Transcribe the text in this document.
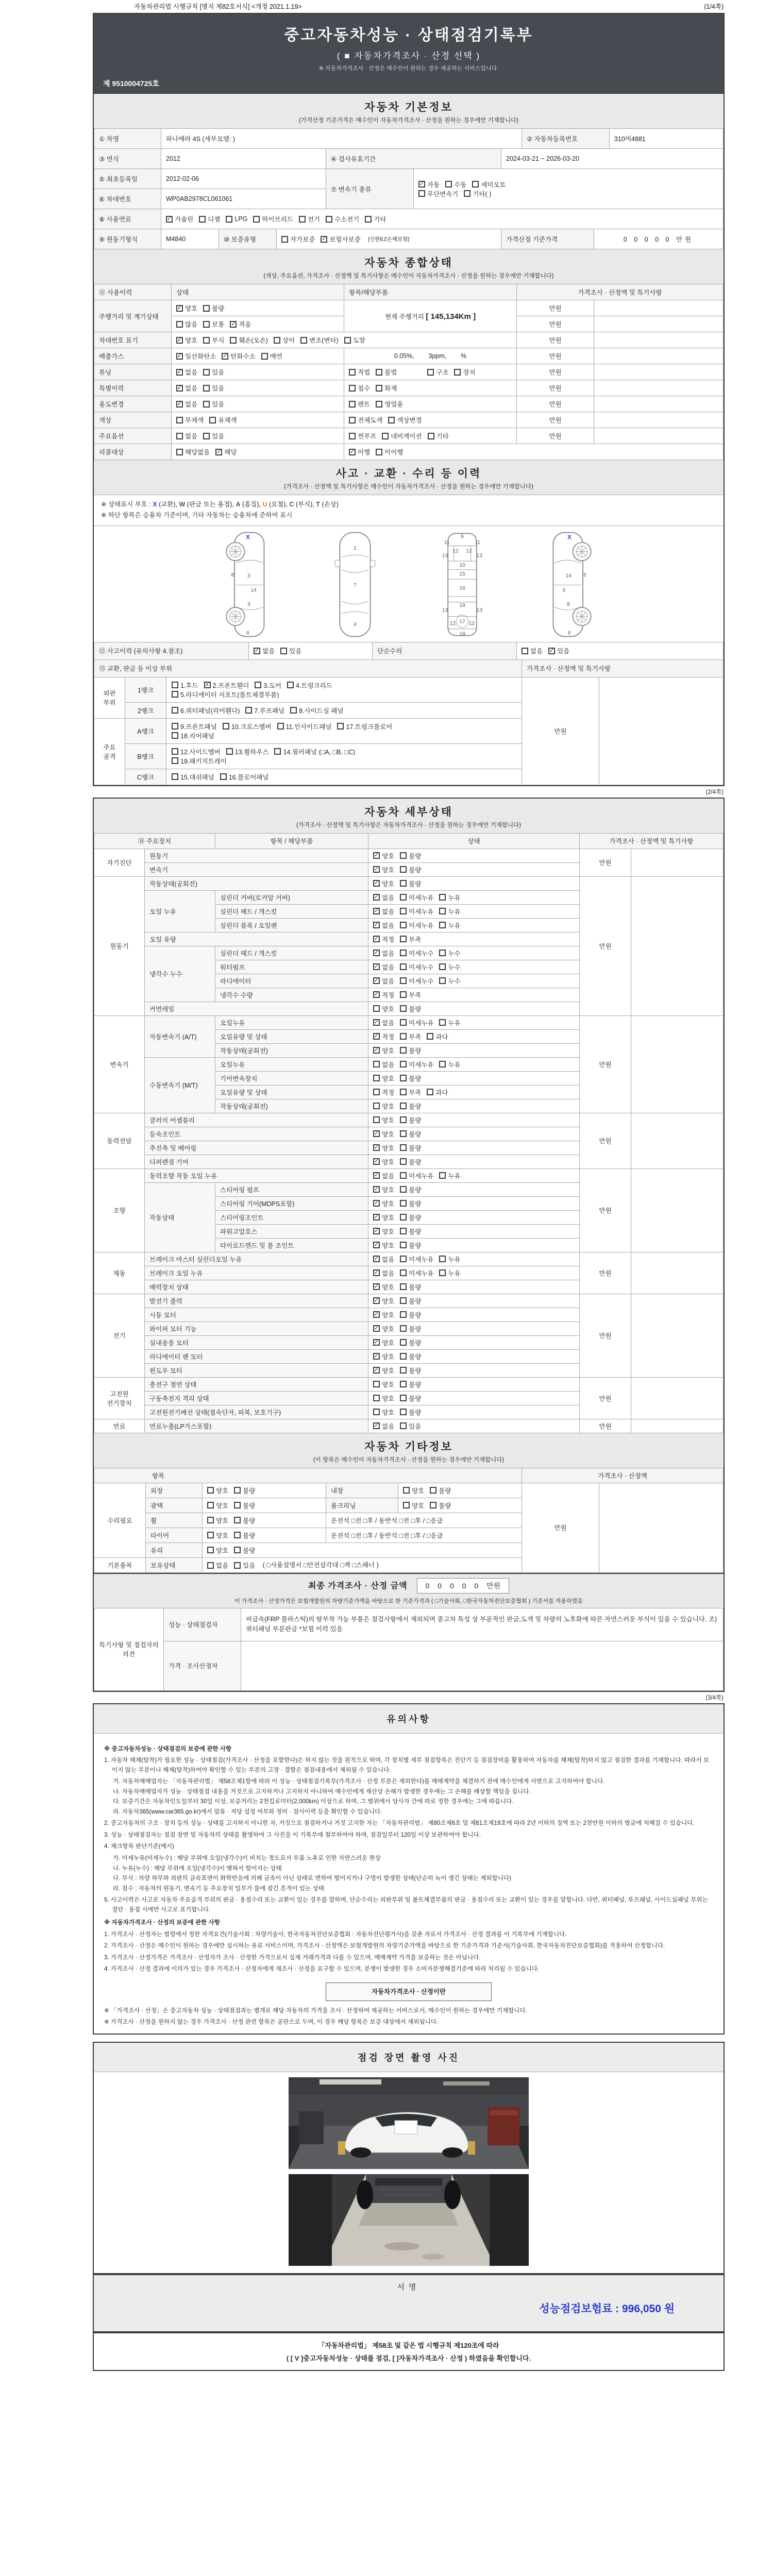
자동차관리법 시행규칙 [별지 제82호서식] <개정 2021.1.19>	(1/4쪽)
중고자동차성능 · 상태점검기록부
( ■ 자동차가격조사 · 산정 선택 )
※ 자동차가격조사 · 산정은 매수인이 원하는 경우 제공하는 서비스입니다.
제 9510004725호
자동차 기본정보
(가격산정 기준가격은 매수인이 자동차가격조사 · 산정을 원하는 경우에만 기재합니다)
① 차명	파나메라 4S (세부모델: )	② 자동차등록번호	310머4881
③ 연식	2012	④ 검사유효기간	2024-03-21 ~ 2026-03-20
⑤ 최초등록일	2012-02-06	⑦ 변속기 종류	
✓ 자동 수동 세미오토

무단변속기 기타( )

⑥ 차대번호	WP0AB2978CL061061		
⑧ 사용연료	✓ 가솔린 디젤 LPG 하이브리드 전기 수소전기 기타
⑨ 원동기형식	M4840	⑩ 보증유형	자가보증 ✓ 보험사보증 [신한EZ손해보험]	가격산정 기준가격	0 0 0 0 0 만원
자동차 종합상태
(색상, 주요옵션, 가격조사 · 산정액 및 특기사항은 매수인이 자동차가격조사 · 산정을 원하는 경우에만 기재합니다)
⑪ 사용이력	상태	항목/해당부품	가격조사 · 산정액 및 특기사항	
주행거리 및 계기상태	✓ 양호 불량	현재 주행거리 [ 145,134Km ]	만원	

	많음 보통 ✓ 적음		만원	
차대번호 표기	✓ 양호 부식 훼손(오손) 상이 변조(변타) 도말	만원	
배출가스	✓ 일산화탄소 ✓ 탄화수소 매연	0.05%,        3ppm,        %	만원	
튜닝	✓ 없음 있음	적법 불법 구조 장치	만원	
특별이력	✓ 없음 있음	침수 화재	만원	
용도변경	✓ 없음 있음	렌트 영업용	만원	
색상	무채색 유채색	전체도색 색상변경	만원	
주요옵션	없음 있음	썬루프 네비게이션 기타	만원	
리콜대상	해당없음 ✓ 해당	✓ 이행 미이행		
사고 · 교환 · 수리 등 이력
(가격조사 · 산정액 및 특기사항은 매수인이 자동차가격조사 · 산정을 원하는 경우에만 기재합니다)
※ 상태표시 부호 : X (교환), W (판금 또는 용접), A (흠집), U (요철), C (부식), T (손상)
※ 하단 항목은 승용차 기준이며, 기타 자동차는 승용차에 준하여 표시
X
8 3
14
3
6
1
7
4
9
11	11
13
12 12
13
10
15
16
19
13	13
12 12
17
18
X
3
14
3
8
6
⑫ 사고이력 (유의사항 4.참조)	✓ 없음 있음	단순수리	없음 ✓ 있음
⑬ 교환, 판금 등 이상 부위	가격조사 · 산정액 및 특기사항
외판 부위	1랭크	
1.후드	✗ 2.프론트휀더 3.도어 4.트렁크리드

5.라디에이터 서포트(볼트체결부품)
	만원	
	2랭크	6.쿼터패널(리어휀다) 7.루프패널 8.사이드실 패널		

주요 골격	A랭크	9.프론트패널 10.크로스멤버 11.인사이드패널 17.트렁크플로어

18.리어패널		

	B랭크	12.사이드멤버 13.휠하우스 14.필러패널 (□A, □B, □C)

19.패키지트레이		

	C랭크	15.대쉬패널 16.플로어패널		
(2/4쪽)
자동차 세부상태
(가격조사 · 산정액 및 특기사항은 자동차가격조사 · 산정을 원하는 경우에만 기재합니다)
⑭ 주요장치		항목 / 해당부품	상태	가격조사 · 산정액 및 특기사항	
자기진단	원동기		✓ 양호 불량	만원	
	변속기		✓ 양호 불량		

원동기	작동상태(공회전)		✓ 양호 불량	만원	
	오일 누유	실린더 커버(로커암 커버)	✓ 없음 미세누유 누유		

		실린더 헤드 / 개스킷	✓ 없음 미세누유 누유		

		실린더 블록 / 오일팬	✓ 없음 미세누유 누유		

	오일 유량		✓ 적정 부족		

	냉각수 누수	실린더 헤드 / 개스킷	✓ 없음 미세누수 누수		

		워터펌프	✓ 없음 미세누수 누수		

		라디에이터	✓ 없음 미세누수 누수		

		냉각수 수량	✓ 적정 부족		

	커먼레일		양호 불량		

변속기	자동변속기 (A/T)	오일누유	✓ 없음 미세누유 누유	만원	
		오일유량 및 상태	✓ 적정 부족 과다		

		작동상태(공회전)	✓ 양호 불량		

	수동변속기 (M/T)	오일누유	없음 미세누유 누유		

		기어변속장치	양호 불량		

		오일유량 및 상태	적정 부족 과다		

		작동상태(공회전)	양호 불량		

동력전달	클러치 어셈블리		양호 불량	만원	
	등속조인트		✓ 양호 불량		

	추진축 및 베어링		✓ 양호 불량		

	디퍼렌셜 기어		✓ 양호 불량		

조향	동력조향 작동 오일 누유		✓ 없음 미세누유 누유	만원	
	작동상태	스티어링 펌프	✓ 양호 불량		

		스티어링 기어(MDPS포함)	✓ 양호 불량		

		스티어링조인트	✓ 양호 불량		

		파워고압호스	✓ 양호 불량		

		타이로드엔드 및 볼 조인트	✓ 양호 불량		

제동	브레이크 마스터 실린더오일 누유		✓ 없음 미세누유 누유	만원	
	브레이크 오일 누유		✓ 없음 미세누유 누유		

	배력장치 상태		✓ 양호 불량		

전기	발전기 출력		✓ 양호 불량	만원	
	시동 모터		✓ 양호 불량		

	와이퍼 모터 기능		✓ 양호 불량		

	실내송풍 모터		✓ 양호 불량		

	라디에이터 팬 모터		✓ 양호 불량		

	윈도우 모터		✓ 양호 불량		

고전원 전기장치	충전구 절연 상태		양호 불량	만원	
	구동축전지 격리 상태		양호 불량		

	고전원전기배선 상태(접속단자, 피복, 보호기구)		양호 불량		

연료	연료누출(LP가스포함)		✓ 없음 있음	만원	
자동차 기타정보
(이 항목은 매수인이 자동차가격조사 · 산정을 원하는 경우에만 기재합니다)
항목					가격조사 · 산정액	
수리필요	외장	양호 불량	내장	양호 불량	만원	
	광택	양호 불량	룸크리닝	양호 불량		

	휠	양호 불량	운전석 □전 □후 / 동반석 □전 □후 / □응급			
	타이어	양호 불량	운전석 □전 □후 / 동반석 □전 □후 / □응급			
	유리	양호 불량				

기본품목	보유상태	없음 있음 ( □사용설명서 □안전삼각대 □잭 □스패너 )				
최종 가격조사 · 산정 금액	0 0 0 0 0 만원
이 가격조사 · 산정가격은 보험개발원의 차량기준가액을 바탕으로 한 기준가격과 ( □기술사회, □한국자동차진단보증협회 ) 기준서를 적용하였음
특기사항 및 점검자의 의견	성능 · 상태점검자	비금속(FRP 플라스틱)의 탈부착 가능 부품은 점검사항에서 제외되며 중고차 특성 상 부분적인 판금,도색 및 차량의 노후화에 따른 자연스러운 부식이 있을 수 있습니다. 조) 쿼터패널 부분판금 *보험 이력 있음
	가격 · 조사산정자	
(3/4쪽)
유의사항
※ 중고자동차성능 · 상태점검의 보증에 관한 사항
1. 자동차 해체(탈착)가 필요한 성능 · 상태점검(가격조사 · 산정을 포함한다)은 하지 않는 것을 원칙으로 하며, 각 장치별 세부 점검항목은 진단기 등 점검장비를 활용하여 자동차를 해체(탈착)하지 않고 점검한 결과를 기재합니다. 따라서 보이지 않는 부분이나 해체(탈착)하여야 확인할 수 있는 부분의 고장 · 결함은 점검내용에서 제외될 수 있습니다.
가. 자동차매매업자는 「자동차관리법」 제58조제1항에 따라 이 성능 · 상태점검기록부(가격조사 · 산정 부분은 제외한다)를 매매계약을 체결하기 전에 매수인에게 서면으로 고지하여야 합니다.
나. 자동차매매업자가 성능 · 상태점검 내용을 거짓으로 고지하거나 고지하지 아니하여 매수인에게 재산상 손해가 발생한 경우에는 그 손해를 배상할 책임을 집니다.
다. 보증기간은 자동차인도일부터 30일 이상, 보증거리는 2천킬로미터(2,000km) 이상으로 하며, 그 범위에서 당사자 간에 따로 정한 경우에는 그에 따릅니다.
라. 자동차365(www.car365.go.kr)에서 압류 · 저당 설정 여부와 정비 · 검사이력 등을 확인할 수 있습니다.
2. 중고자동차의 구조 · 장치 등의 성능 · 상태를 고지하지 아니한 자, 거짓으로 점검하거나 거짓 고지한 자는 「자동차관리법」 제80조제6호 및 제81조제19호에 따라 2년 이하의 징역 또는 2천만원 이하의 벌금에 처해질 수 있습니다.
3. 성능 · 상태점검자는 점검 장면 및 자동차의 상태를 촬영하여 그 사진을 이 기록부에 첨부하여야 하며, 점검일부터 120일 이상 보관하여야 합니다.
4. 체크항목 판단기준(예시)
가. 미세누유(미세누수) : 해당 부위에 오일(냉각수)이 비치는 정도로서 부품 노후로 인한 자연스러운 현상
나. 누유(누수) : 해당 부위에 오일(냉각수)이 맺혀서 떨어지는 상태
다. 부식 : 차량 하부와 외판의 금속표면이 화학반응에 의해 금속이 아닌 상태로 변하여 떨어지거나 구멍이 발생한 상태(단순히 녹이 생긴 상태는 제외합니다)
라. 침수 : 자동차의 원동기, 변속기 등 주요장치 일부가 물에 잠긴 흔적이 있는 상태
5. 사고이력은 사고로 자동차 주요골격 부위의 판금 · 용접수리 또는 교환이 있는 경우를 말하며, 단순수리는 외판부위 및 볼트체결부품의 판금 · 용접수리 또는 교환이 있는 경우를 말합니다. 다만, 쿼터패널, 루프패널, 사이드실패널 부위는 절단 · 용접 시에만 사고로 표기합니다.
※ 자동차가격조사 · 산정의 보증에 관한 사항
1. 가격조사 · 산정자는 법령에서 정한 자격요건(기술사회 : 차량기술사, 한국자동차진단보증협회 : 자동차진단평가사)을 갖춘 자로서 가격조사 · 산정 결과를 이 기록부에 기재합니다.
2. 가격조사 · 산정은 매수인이 원하는 경우에만 실시하는 유료 서비스이며, 가격조사 · 산정액은 보험개발원의 차량기준가액을 바탕으로 한 기준가격과 기준서(기술사회, 한국자동차진단보증협회)를 적용하여 산정합니다.
3. 가격조사 · 산정가격은 가격조사 · 산정자가 조사 · 산정한 가격으로서 실제 거래가격과 다를 수 있으며, 매매계약 가격을 보증하는 것은 아닙니다.
4. 가격조사 · 산정 결과에 이의가 있는 경우 가격조사 · 산정자에게 재조사 · 산정을 요구할 수 있으며, 분쟁이 발생한 경우 소비자분쟁해결기준에 따라 처리될 수 있습니다.
자동차가격조사 · 산정이란
※ 「가격조사 · 산정」은 중고자동차 성능 · 상태점검과는 별개로 해당 자동차의 가격을 조사 · 산정하여 제공하는 서비스로서, 매수인이 원하는 경우에만 기재합니다.
※ 가격조사 · 산정을 원하지 않는 경우 가격조사 · 산정 관련 항목은 공란으로 두며, 이 경우 해당 항목은 보증 대상에서 제외됩니다.
점검 장면 촬영 사진
서명
성능점검보험료 : 996,050 원
「자동차관리법」 제58조 및 같은 법 시행규칙 제120조에 따라
( [ V ]중고자동차성능 · 상태를 점검, [ ]자동차가격조사 · 산정 ) 하였음을 확인합니다.
